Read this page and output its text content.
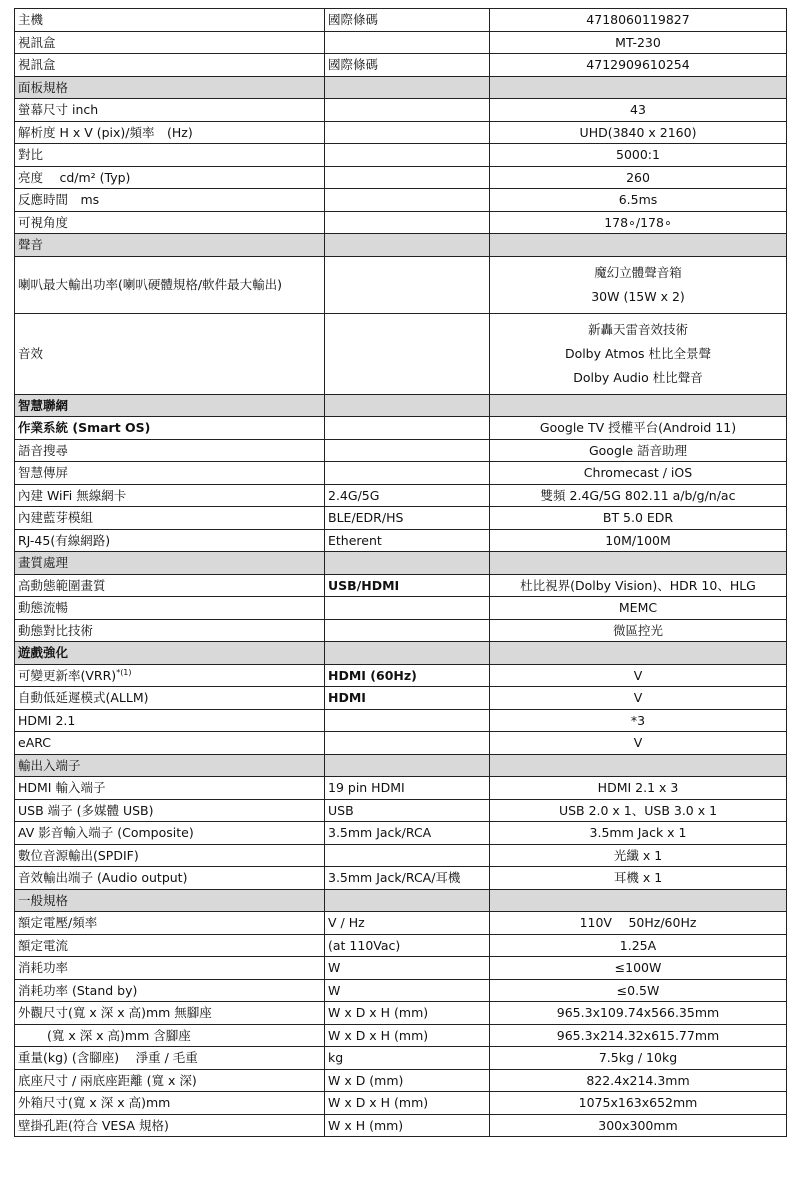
主機	國際條碼	4718060119827

視訊盒		MT-230

視訊盒	國際條碼	4712909610254

面板規格		
螢幕尺寸 inch		43

解析度 H x V (pix)/頻率　(Hz)		UHD(3840 x 2160)

對比		5000:1

亮度　 cd/m² (Typ)		260

反應時間　ms		6.5ms

可視角度		178∘/178∘

聲音		
喇叭最大輸出功率(喇叭硬體規格/軟件最大輸出)		魔幻立體聲音箱
30W (15W x 2)

音效		新轟天雷音效技術
Dolby Atmos 杜比全景聲
Dolby Audio 杜比聲音

智慧聯網		
作業系統 (Smart OS)		Google TV 授權平台(Android 11)

語音搜尋		Google 語音助理

智慧傳屏		Chromecast / iOS

內建 WiFi 無線網卡	2.4G/5G	雙頻 2.4G/5G 802.11 a/b/g/n/ac

內建藍芽模組	BLE/EDR/HS	BT 5.0 EDR

RJ-45(有線網路)	Etherent	10M/100M

畫質處理		
高動態範圍畫質	USB/HDMI	杜比視界(Dolby Vision)、HDR 10、HLG

動態流暢		MEMC

動態對比技術		微區控光

遊戲強化		
可變更新率(VRR)$^{*(1)}$	HDMI (60Hz)	V

自動低延遲模式(ALLM)	HDMI	V

HDMI 2.1		*3

eARC		V

輸出入端子		
HDMI 輸入端子	19 pin HDMI	HDMI 2.1 x 3

USB 端子 (多媒體 USB)	USB	USB 2.0 x 1、USB 3.0 x 1

AV 影音輸入端子 (Composite)	3.5mm Jack/RCA	3.5mm Jack x 1

數位音源輸出(SPDIF)		光纖 x 1

音效輸出端子 (Audio output)	3.5mm Jack/RCA/耳機	耳機 x 1

一般規格		
額定電壓/頻率	V / Hz	110V　 50Hz/60Hz

額定電流	(at 110Vac)	1.25A

消耗功率	W	≤100W

消耗功率 (Stand by)	W	≤0.5W

外觀尺寸(寬 x 深 x 高)mm 無腳座	W x D x H (mm)	965.3x109.74x566.35mm

　　 (寬 x 深 x 高)mm 含腳座	W x D x H (mm)	965.3x214.32x615.77mm

重量(kg) (含腳座)　 淨重 / 毛重	kg	7.5kg / 10kg

底座尺寸 / 兩底座距離 (寬 x 深)	W x D (mm)	822.4x214.3mm

外箱尺寸(寬 x 深 x 高)mm	W x D x H (mm)	1075x163x652mm

壁掛孔距(符合 VESA 規格)	W x H (mm)	300x300mm
